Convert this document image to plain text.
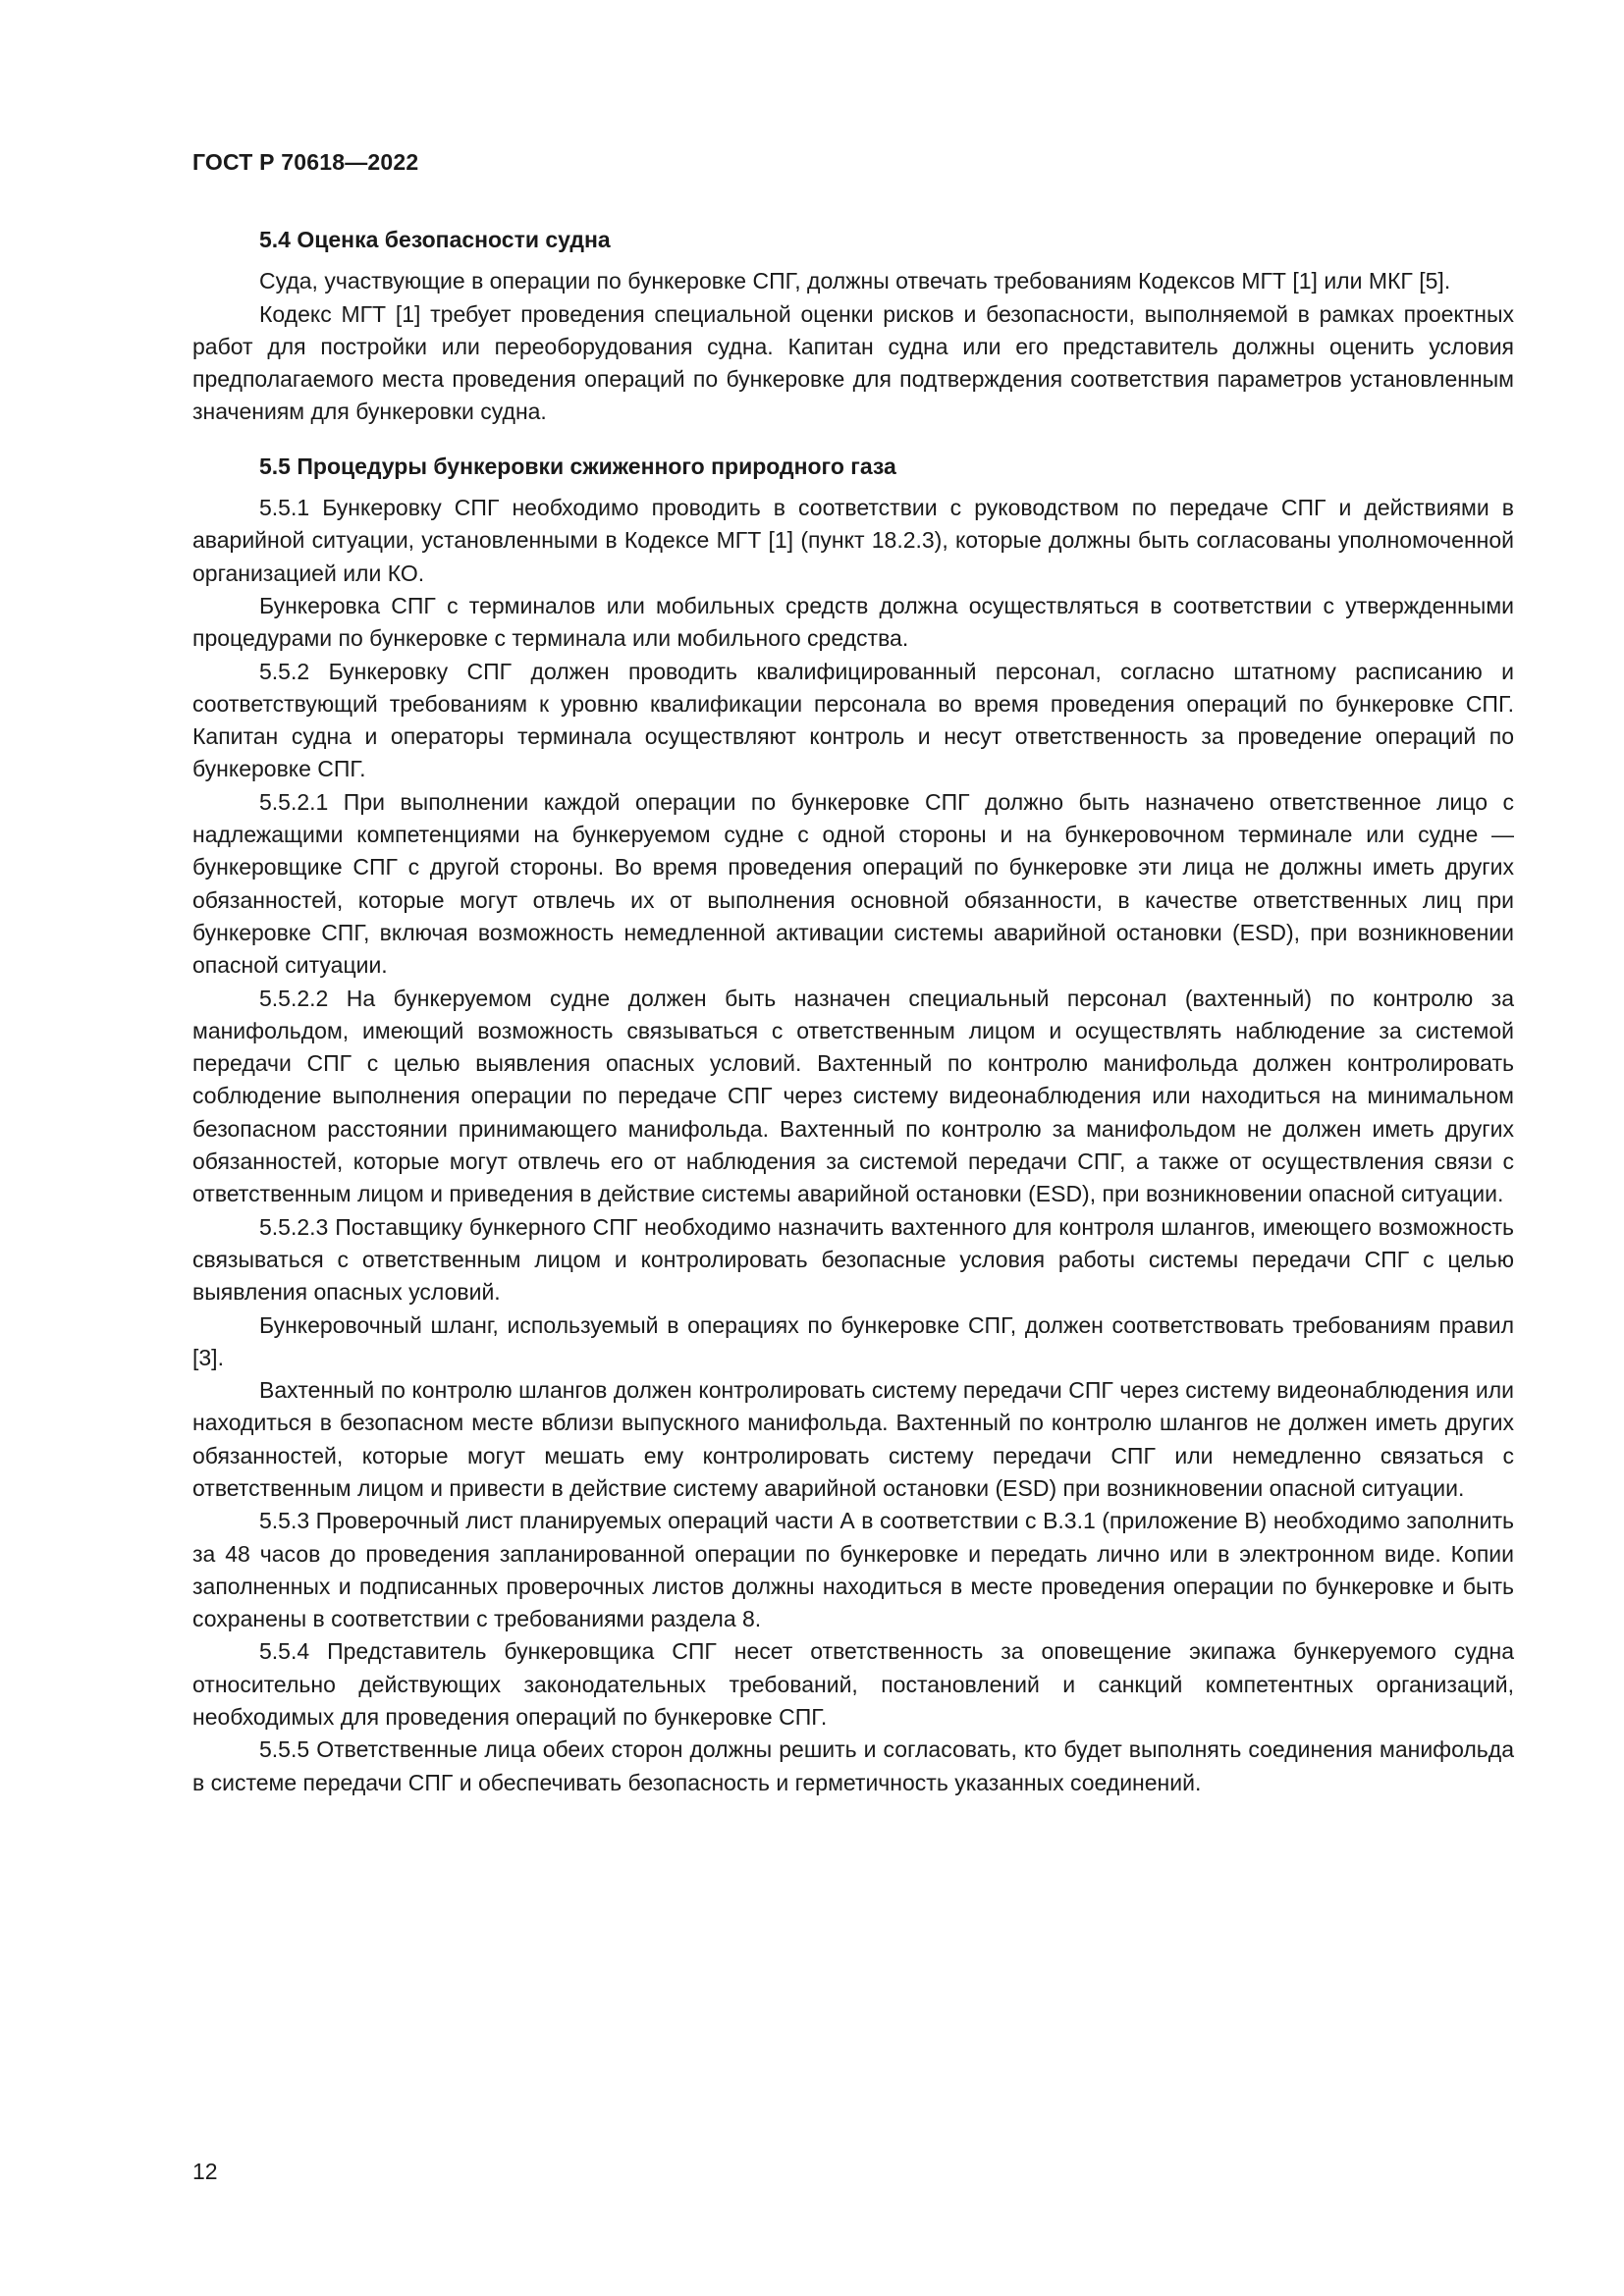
ГОСТ Р 70618—2022
5.4 Оценка безопасности судна

Суда, участвующие в операции по бункеровке СПГ, должны отвечать требованиям Кодексов МГТ [1] или МКГ [5].

Кодекс МГТ [1] требует проведения специальной оценки рисков и безопасности, выполняемой в рамках проектных работ для постройки или переоборудования судна. Капитан судна или его представитель должны оценить условия предполагаемого места проведения операций по бункеровке для подтверждения соответствия параметров установленным значениям для бункеровки судна.

5.5 Процедуры бункеровки сжиженного природного газа

5.5.1 Бункеровку СПГ необходимо проводить в соответствии с руководством по передаче СПГ и действиями в аварийной ситуации, установленными в Кодексе МГТ [1] (пункт 18.2.3), которые должны быть согласованы уполномоченной организацией или КО.

Бункеровка СПГ с терминалов или мобильных средств должна осуществляться в соответствии с утвержденными процедурами по бункеровке с терминала или мобильного средства.

5.5.2 Бункеровку СПГ должен проводить квалифицированный персонал, согласно штатному расписанию и соответствующий требованиям к уровню квалификации персонала во время проведения операций по бункеровке СПГ. Капитан судна и операторы терминала осуществляют контроль и несут ответственность за проведение операций по бункеровке СПГ.

5.5.2.1 При выполнении каждой операции по бункеровке СПГ должно быть назначено ответственное лицо с надлежащими компетенциями на бункеруемом судне с одной стороны и на бункеровочном терминале или судне — бункеровщике СПГ с другой стороны. Во время проведения операций по бункеровке эти лица не должны иметь других обязанностей, которые могут отвлечь их от выполнения основной обязанности, в качестве ответственных лиц при бункеровке СПГ, включая возможность немедленной активации системы аварийной остановки (ESD), при возникновении опасной ситуации.

5.5.2.2 На бункеруемом судне должен быть назначен специальный персонал (вахтенный) по контролю за манифольдом, имеющий возможность связываться с ответственным лицом и осуществлять наблюдение за системой передачи СПГ с целью выявления опасных условий. Вахтенный по контролю манифольда должен контролировать соблюдение выполнения операции по передаче СПГ через систему видеонаблюдения или находиться на минимальном безопасном расстоянии принимающего манифольда. Вахтенный по контролю за манифольдом не должен иметь других обязанностей, которые могут отвлечь его от наблюдения за системой передачи СПГ, а также от осуществления связи с ответственным лицом и приведения в действие системы аварийной остановки (ESD), при возникновении опасной ситуации.

5.5.2.3 Поставщику бункерного СПГ необходимо назначить вахтенного для контроля шлангов, имеющего возможность связываться с ответственным лицом и контролировать безопасные условия работы системы передачи СПГ с целью выявления опасных условий.

Бункеровочный шланг, используемый в операциях по бункеровке СПГ, должен соответствовать требованиям правил [3].

Вахтенный по контролю шлангов должен контролировать систему передачи СПГ через систему видеонаблюдения или находиться в безопасном месте вблизи выпускного манифольда. Вахтенный по контролю шлангов не должен иметь других обязанностей, которые могут мешать ему контролировать систему передачи СПГ или немедленно связаться с ответственным лицом и привести в действие систему аварийной остановки (ESD) при возникновении опасной ситуации.

5.5.3 Проверочный лист планируемых операций части А в соответствии с В.3.1 (приложение В) необходимо заполнить за 48 часов до проведения запланированной операции по бункеровке и передать лично или в электронном виде. Копии заполненных и подписанных проверочных листов должны находиться в месте проведения операции по бункеровке и быть сохранены в соответствии с требованиями раздела 8.

5.5.4 Представитель бункеровщика СПГ несет ответственность за оповещение экипажа бункеруемого судна относительно действующих законодательных требований, постановлений и санкций компетентных организаций, необходимых для проведения операций по бункеровке СПГ.

5.5.5 Ответственные лица обеих сторон должны решить и согласовать, кто будет выполнять соединения манифольда в системе передачи СПГ и обеспечивать безопасность и герметичность указанных соединений.

12
